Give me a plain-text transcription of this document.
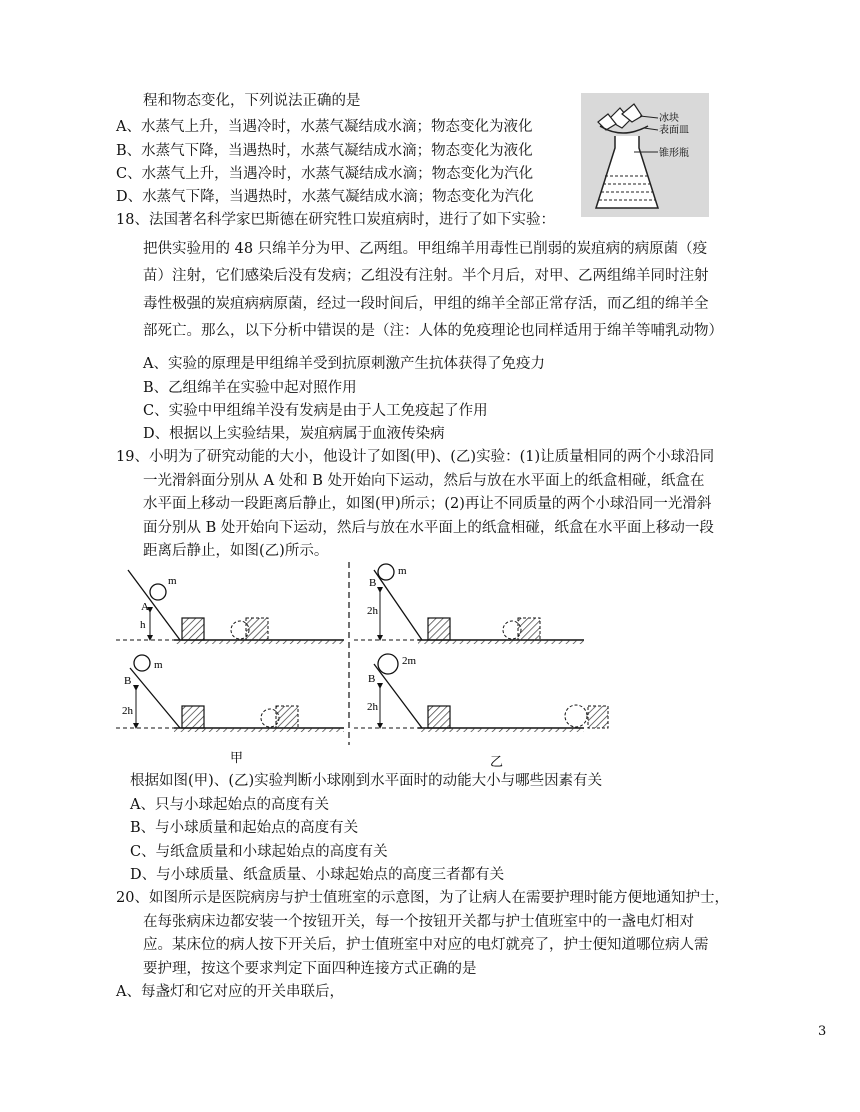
程和物态变化，下列说法正确的是
A、水蒸气上升，当遇冷时，水蒸气凝结成水滴；物态变化为液化
B、水蒸气下降，当遇热时，水蒸气凝结成水滴；物态变化为液化
C、水蒸气上升，当遇冷时，水蒸气凝结成水滴；物态变化为汽化
D、水蒸气下降，当遇热时，水蒸气凝结成水滴；物态变化为汽化
冰块
表面皿
锥形瓶
18、法国著名科学家巴斯德在研究牲口炭疽病时，进行了如下实验：
把供实验用的 48 只绵羊分为甲、乙两组。甲组绵羊用毒性已削弱的炭疽病的病原菌（疫
苗）注射，它们感染后没有发病；乙组没有注射。半个月后，对甲、乙两组绵羊同时注射
毒性极强的炭疽病病原菌，经过一段时间后，甲组的绵羊全部正常存活，而乙组的绵羊全
部死亡。那么，以下分析中错误的是（注：人体的免疫理论也同样适用于绵羊等哺乳动物）
A、实验的原理是甲组绵羊受到抗原刺激产生抗体获得了免疫力
B、乙组绵羊在实验中起对照作用
C、实验中甲组绵羊没有发病是由于人工免疫起了作用
D、根据以上实验结果，炭疽病属于血液传染病
19、小明为了研究动能的大小，他设计了如图(甲)、(乙)实验：(1)让质量相同的两个小球沿同
一光滑斜面分别从 A 处和 B 处开始向下运动，然后与放在水平面上的纸盒相碰，纸盒在
水平面上移动一段距离后静止，如图(甲)所示；(2)再让不同质量的两个小球沿同一光滑斜
面分别从 B 处开始向下运动，然后与放在水平面上的纸盒相碰，纸盒在水平面上移动一段
距离后静止，如图(乙)所示。
m
A
h
m
B
2h
m
B
2h
2m
B
2h
甲	乙
根据如图(甲)、(乙)实验判断小球刚到水平面时的动能大小与哪些因素有关
A、只与小球起始点的高度有关
B、与小球质量和起始点的高度有关
C、与纸盒质量和小球起始点的高度有关
D、与小球质量、纸盒质量、小球起始点的高度三者都有关
20、如图所示是医院病房与护士值班室的示意图，为了让病人在需要护理时能方便地通知护士，
在每张病床边都安装一个按钮开关，每一个按钮开关都与护士值班室中的一盏电灯相对
应。某床位的病人按下开关后，护士值班室中对应的电灯就亮了，护士便知道哪位病人需
要护理，按这个要求判定下面四种连接方式正确的是
A、每盏灯和它对应的开关串联后，
3
